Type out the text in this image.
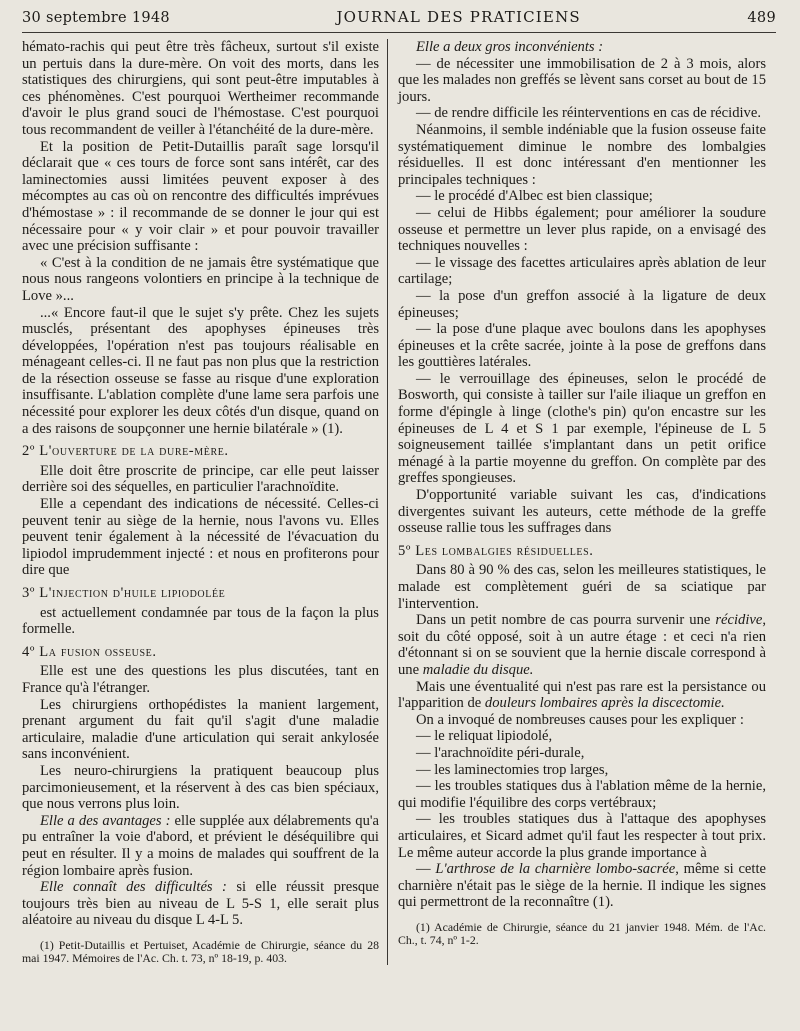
30 septembre 1948	JOURNAL DES PRATICIENS	489

hémato-rachis qui peut être très fâcheux, surtout s'il existe un pertuis dans la dure-mère. On voit des morts, dans les statistiques des chirurgiens, qui sont peut-être imputables à ces phénomènes. C'est pourquoi Wertheimer recommande d'avoir le plus grand souci de l'hémostase. C'est pourquoi tous recommandent de veiller à l'étanchéité de la dure-mère.

Et la position de Petit-Dutaillis paraît sage lorsqu'il déclarait que « ces tours de force sont sans intérêt, car des laminectomies aussi limitées peuvent exposer à des mécomptes au cas où on rencontre des difficultés imprévues d'hémostase » : il recommande de se donner le jour qui est nécessaire pour « y voir clair » et pour pouvoir travailler avec une précision suffisante :

« C'est à la condition de ne jamais être systématique que nous nous rangeons volontiers en principe à la technique de Love »...

...« Encore faut-il que le sujet s'y prête. Chez les sujets musclés, présentant des apophyses épineuses très développées, l'opération n'est pas toujours réalisable en ménageant celles-ci. Il ne faut pas non plus que la restriction de la résection osseuse se fasse au risque d'une exploration insuffisante. L'ablation complète d'une lame sera parfois une nécessité pour explorer les deux côtés d'un disque, quand on a des raisons de soupçonner une hernie bilatérale » (1).

2º L'ouverture de la dure-mère.

Elle doit être proscrite de principe, car elle peut laisser derrière soi des séquelles, en particulier l'arachnoïdite.

Elle a cependant des indications de nécessité. Celles-ci peuvent tenir au siège de la hernie, nous l'avons vu. Elles peuvent tenir également à la nécessité de l'évacuation du lipiodol imprudemment injecté : et nous en profiterons pour dire que

3º L'injection d'huile lipiodolée

est actuellement condamnée par tous de la façon la plus formelle.

4º La fusion osseuse.

Elle est une des questions les plus discutées, tant en France qu'à l'étranger.

Les chirurgiens orthopédistes la manient largement, prenant argument du fait qu'il s'agit d'une maladie articulaire, maladie d'une articulation qui serait ankylosée sans inconvénient.

Les neuro-chirurgiens la pratiquent beaucoup plus parcimonieusement, et la réservent à des cas bien spéciaux, que nous verrons plus loin.

Elle a des avantages : elle supplée aux délabrements qu'a pu entraîner la voie d'abord, et prévient le déséquilibre qui peut en résulter. Il y a moins de malades qui souffrent de la région lombaire après fusion.

Elle connaît des difficultés : si elle réussit presque toujours très bien au niveau de L 5-S 1, elle serait plus aléatoire au niveau du disque L 4-L 5.

(1) Petit-Dutaillis et Pertuiset, Académie de Chirurgie, séance du 28 mai 1947. Mémoires de l'Ac. Ch. t. 73, nº 18-19, p. 403.

Elle a deux gros inconvénients :

— de nécessiter une immobilisation de 2 à 3 mois, alors que les malades non greffés se lèvent sans corset au bout de 15 jours.

— de rendre difficile les réinterventions en cas de récidive.

Néanmoins, il semble indéniable que la fusion osseuse faite systématiquement diminue le nombre des lombalgies résiduelles. Il est donc intéressant d'en mentionner les principales techniques :

— le procédé d'Albec est bien classique;

— celui de Hibbs également; pour améliorer la soudure osseuse et permettre un lever plus rapide, on a envisagé des techniques nouvelles :

— le vissage des facettes articulaires après ablation de leur cartilage;

— la pose d'un greffon associé à la ligature de deux épineuses;

— la pose d'une plaque avec boulons dans les apophyses épineuses et la crête sacrée, jointe à la pose de greffons dans les gouttières latérales.

— le verrouillage des épineuses, selon le procédé de Bosworth, qui consiste à tailler sur l'aile iliaque un greffon en forme d'épingle à linge (clothe's pin) qu'on encastre sur les épineuses de L 4 et S 1 par exemple, l'épineuse de L 5 soigneusement taillée s'implantant dans un petit orifice ménagé à la partie moyenne du greffon. On complète par des greffes spongieuses.

D'opportunité variable suivant les cas, d'indications divergentes suivant les auteurs, cette méthode de la greffe osseuse rallie tous les suffrages dans

5º Les lombalgies résiduelles.

Dans 80 à 90 % des cas, selon les meilleures statistiques, le malade est complètement guéri de sa sciatique par l'intervention.

Dans un petit nombre de cas pourra survenir une récidive, soit du côté opposé, soit à un autre étage : et ceci n'a rien d'étonnant si on se souvient que la hernie discale correspond à une maladie du disque.

Mais une éventualité qui n'est pas rare est la persistance ou l'apparition de douleurs lombaires après la discectomie.

On a invoqué de nombreuses causes pour les expliquer :

— le reliquat lipiodolé,

— l'arachnoïdite péri-durale,

— les laminectomies trop larges,

— les troubles statiques dus à l'ablation même de la hernie, qui modifie l'équilibre des corps vertébraux;

— les troubles statiques dus à l'attaque des apophyses articulaires, et Sicard admet qu'il faut les respecter à tout prix. Le même auteur accorde la plus grande importance à

— L'arthrose de la charnière lombo-sacrée, même si cette charnière n'était pas le siège de la hernie. Il indique les signes qui permettront de la reconnaître (1).

(1) Académie de Chirurgie, séance du 21 janvier 1948. Mém. de l'Ac. Ch., t. 74, nº 1-2.
